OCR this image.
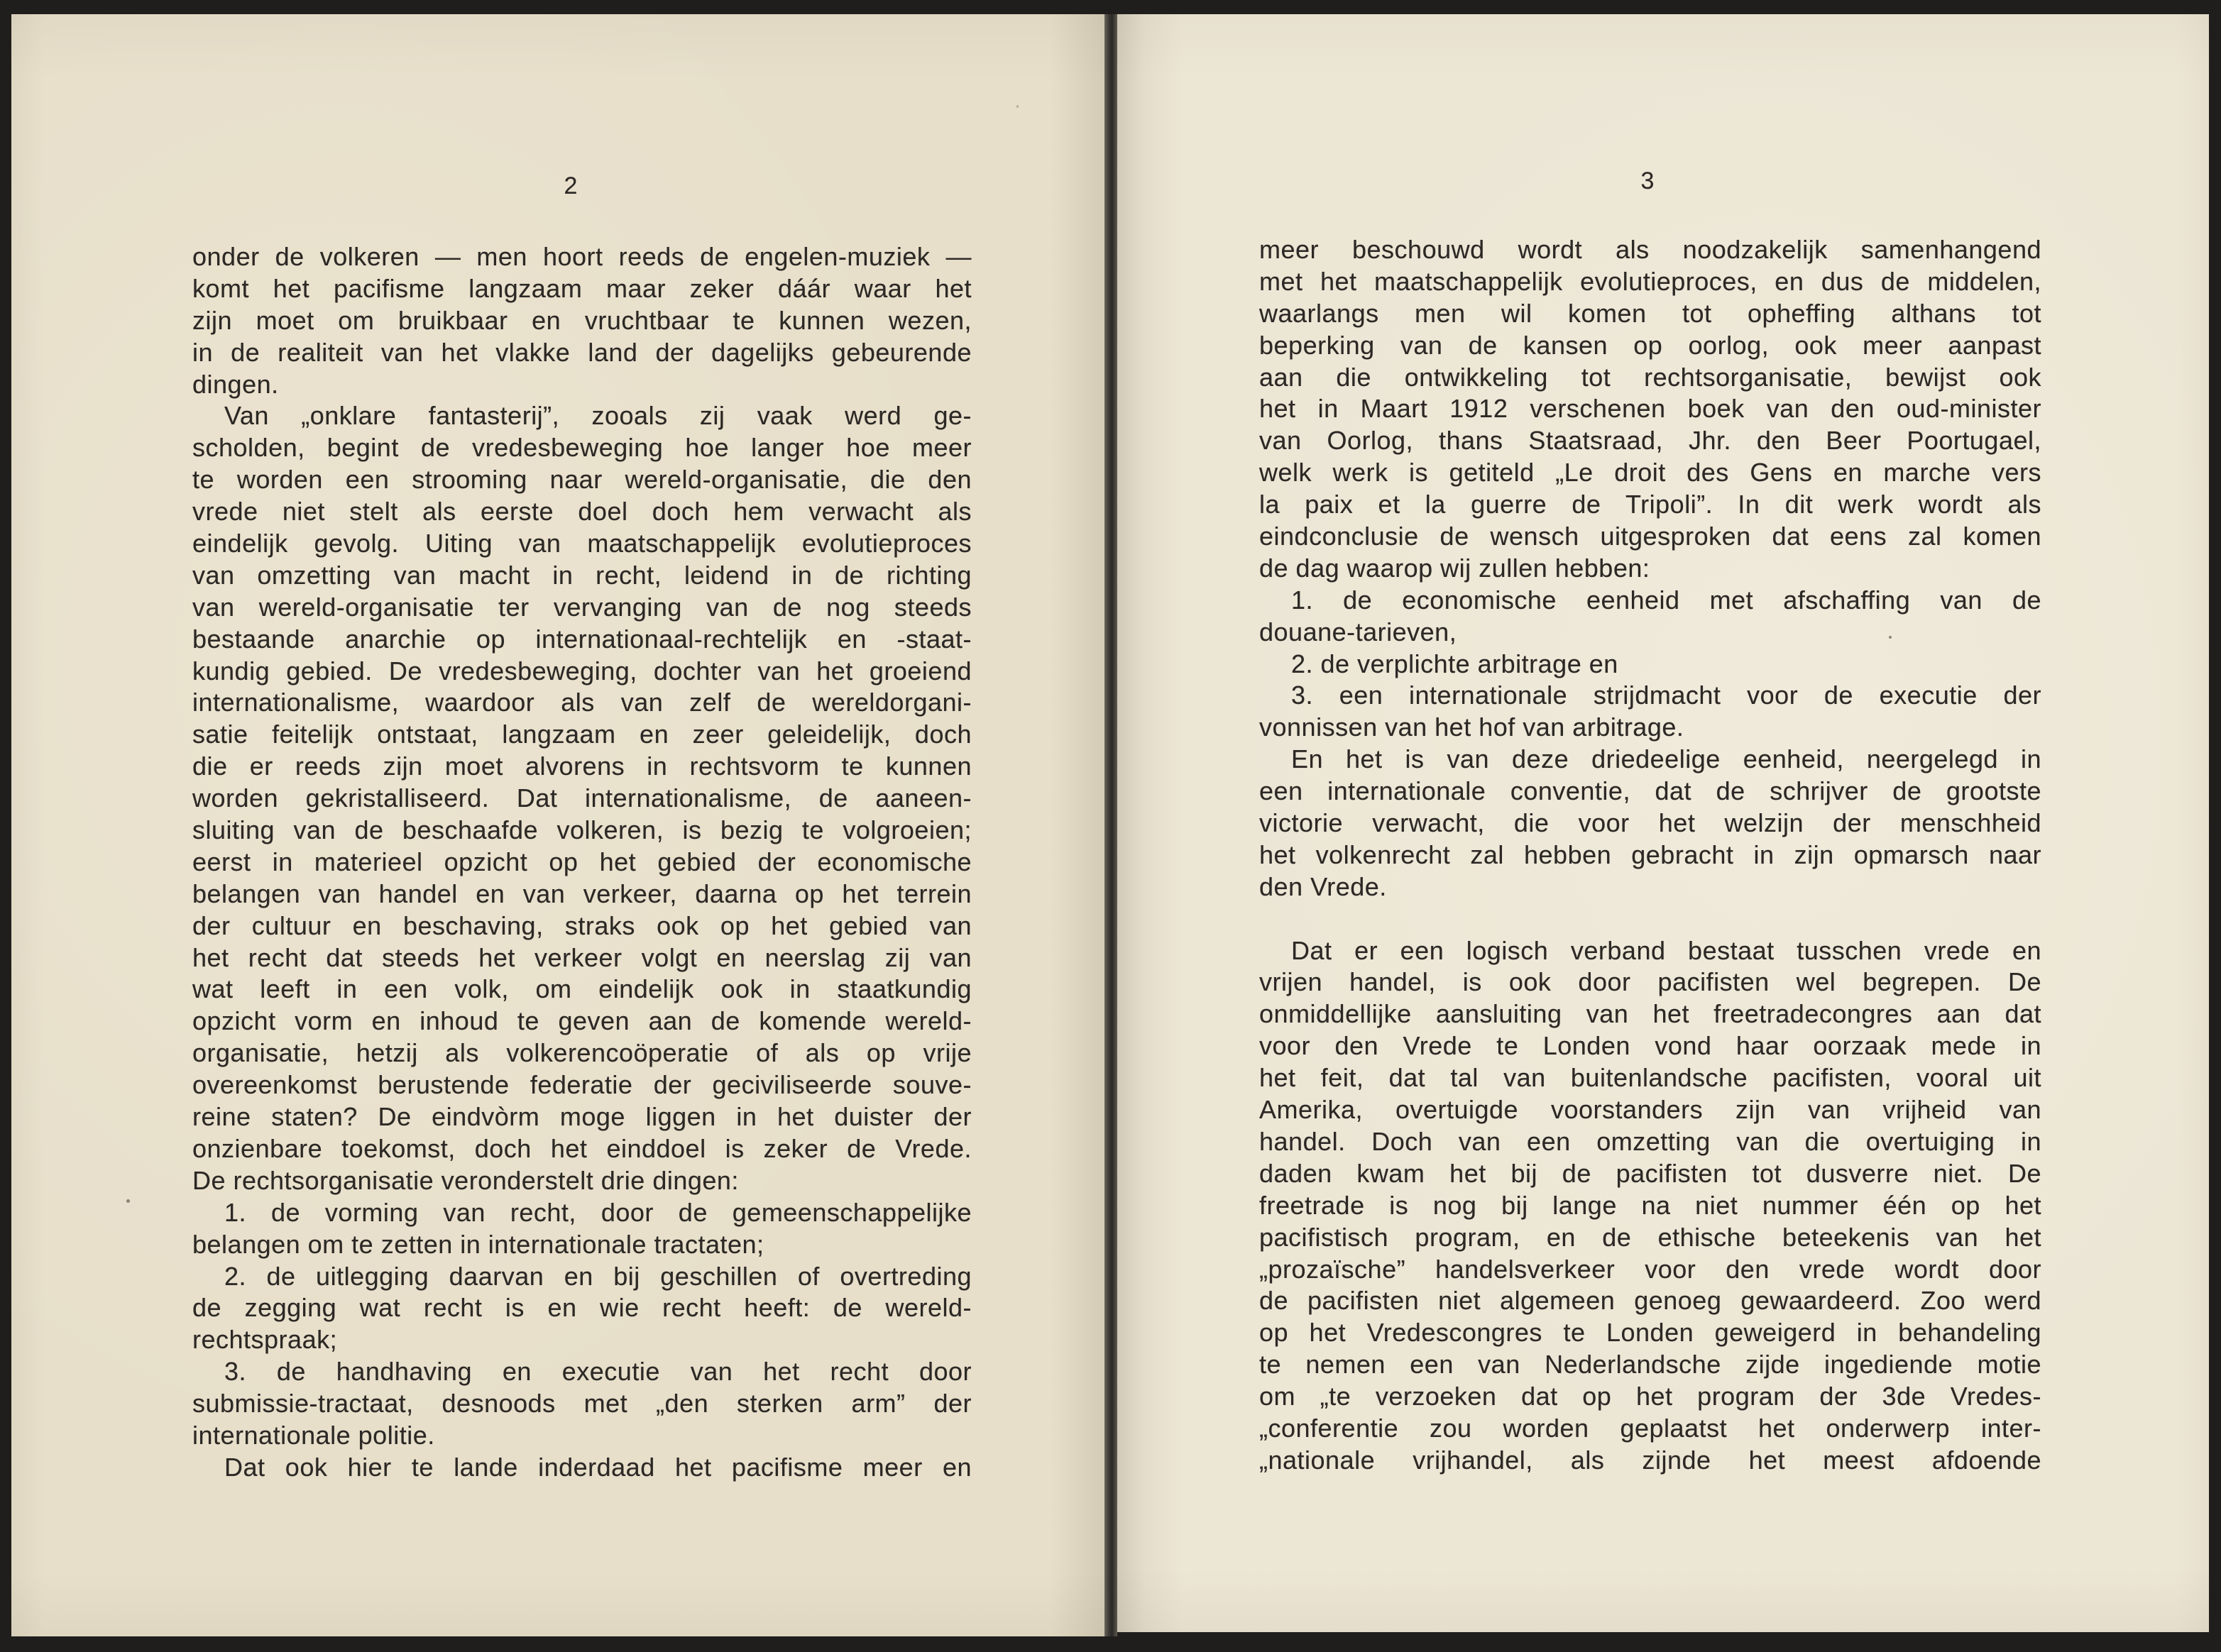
2
onder de volkeren — men hoort reeds de engelen-muziek —
komt het pacifisme langzaam maar zeker dáár waar het
zijn moet om bruikbaar en vruchtbaar te kunnen wezen,
in de realiteit van het vlakke land der dagelijks gebeurende
dingen.
Van „onklare fantasterij”, zooals zij vaak werd ge-
scholden, begint de vredesbeweging hoe langer hoe meer
te worden een strooming naar wereld-organisatie, die den
vrede niet stelt als eerste doel doch hem verwacht als
eindelijk gevolg. Uiting van maatschappelijk evolutieproces
van omzetting van macht in recht, leidend in de richting
van wereld-organisatie ter vervanging van de nog steeds
bestaande anarchie op internationaal-rechtelijk en -staat-
kundig gebied. De vredesbeweging, dochter van het groeiend
internationalisme, waardoor als van zelf de wereldorgani-
satie feitelijk ontstaat, langzaam en zeer geleidelijk, doch
die er reeds zijn moet alvorens in rechtsvorm te kunnen
worden gekristalliseerd. Dat internationalisme, de aaneen-
sluiting van de beschaafde volkeren, is bezig te volgroeien;
eerst in materieel opzicht op het gebied der economische
belangen van handel en van verkeer, daarna op het terrein
der cultuur en beschaving, straks ook op het gebied van
het recht dat steeds het verkeer volgt en neerslag zij van
wat leeft in een volk, om eindelijk ook in staatkundig
opzicht vorm en inhoud te geven aan de komende wereld-
organisatie, hetzij als volkerencoöperatie of als op vrije
overeenkomst berustende federatie der geciviliseerde souve-
reine staten? De eindvòrm moge liggen in het duister der
onzienbare toekomst, doch het einddoel is zeker de Vrede.
De rechtsorganisatie veronderstelt drie dingen:
1. de vorming van recht, door de gemeenschappelijke
belangen om te zetten in internationale tractaten;
2. de uitlegging daarvan en bij geschillen of overtreding
de zegging wat recht is en wie recht heeft: de wereld-
rechtspraak;
3. de handhaving en executie van het recht door
submissie-tractaat, desnoods met „den sterken arm” der
internationale politie.
Dat ook hier te lande inderdaad het pacifisme meer en
3
meer beschouwd wordt als noodzakelijk samenhangend
met het maatschappelijk evolutieproces, en dus de middelen,
waarlangs men wil komen tot opheffing althans tot
beperking van de kansen op oorlog, ook meer aanpast
aan die ontwikkeling tot rechtsorganisatie, bewijst ook
het in Maart 1912 verschenen boek van den oud-minister
van Oorlog, thans Staatsraad, Jhr. den Beer Poortugael,
welk werk is getiteld „Le droit des Gens en marche vers
la paix et la guerre de Tripoli”. In dit werk wordt als
eindconclusie de wensch uitgesproken dat eens zal komen
de dag waarop wij zullen hebben:
1. de economische eenheid met afschaffing van de
douane-tarieven,
2. de verplichte arbitrage en
3. een internationale strijdmacht voor de executie der
vonnissen van het hof van arbitrage.
En het is van deze driedeelige eenheid, neergelegd in
een internationale conventie, dat de schrijver de grootste
victorie verwacht, die voor het welzijn der menschheid
het volkenrecht zal hebben gebracht in zijn opmarsch naar
den Vrede.
Dat er een logisch verband bestaat tusschen vrede en
vrijen handel, is ook door pacifisten wel begrepen. De
onmiddellijke aansluiting van het freetradecongres aan dat
voor den Vrede te Londen vond haar oorzaak mede in
het feit, dat tal van buitenlandsche pacifisten, vooral uit
Amerika, overtuigde voorstanders zijn van vrijheid van
handel. Doch van een omzetting van die overtuiging in
daden kwam het bij de pacifisten tot dusverre niet. De
freetrade is nog bij lange na niet nummer één op het
pacifistisch program, en de ethische beteekenis van het
„prozaïsche” handelsverkeer voor den vrede wordt door
de pacifisten niet algemeen genoeg gewaardeerd. Zoo werd
op het Vredescongres te Londen geweigerd in behandeling
te nemen een van Nederlandsche zijde ingediende motie
om „te verzoeken dat op het program der 3de Vredes-
„conferentie zou worden geplaatst het onderwerp inter-
„nationale vrijhandel, als zijnde het meest afdoende
